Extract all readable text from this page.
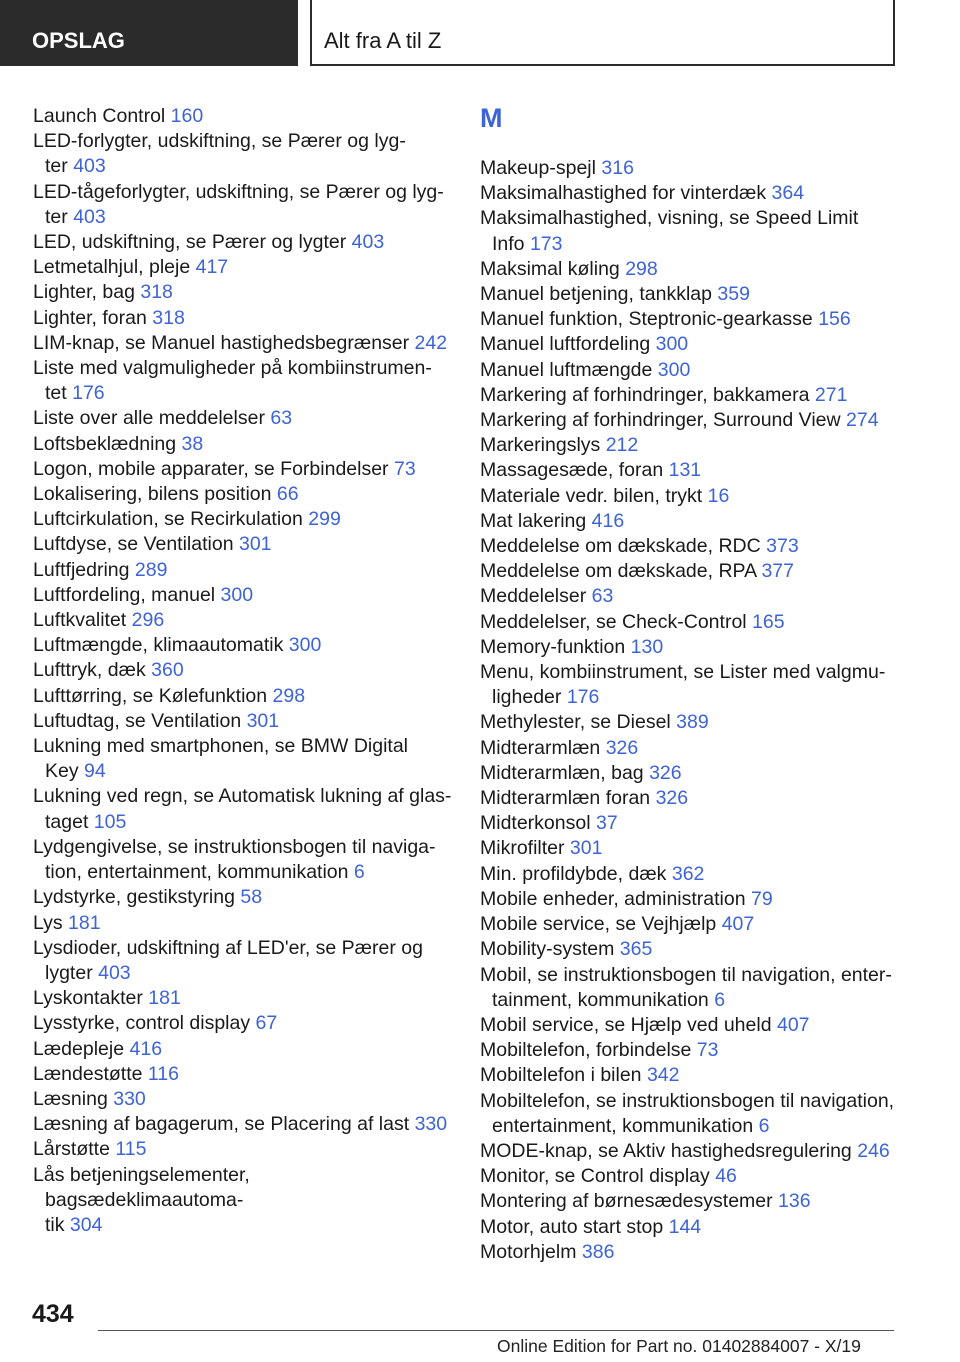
OPSLAG	Alt fra A til Z
Launch Control 160
LED-forlygter, udskiftning, se Pærer og lyg‐
ter 403
LED-tågeforlygter, udskiftning, se Pærer og lyg‐
ter 403
LED, udskiftning, se Pærer og lygter 403
Letmetalhjul, pleje 417
Lighter, bag 318
Lighter, foran 318
LIM-knap, se Manuel hastighedsbegrænser 242
Liste med valgmuligheder på kombiinstrumen‐
tet 176
Liste over alle meddelelser 63
Loftsbeklædning 38
Logon, mobile apparater, se Forbindelser 73
Lokalisering, bilens position 66
Luftcirkulation, se Recirkulation 299
Luftdyse, se Ventilation 301
Luftfjedring 289
Luftfordeling, manuel 300
Luftkvalitet 296
Luftmængde, klimaautomatik 300
Lufttryk, dæk 360
Lufttørring, se Kølefunktion 298
Luftudtag, se Ventilation 301
Lukning med smartphonen, se BMW Digital
Key 94
Lukning ved regn, se Automatisk lukning af glas‐
taget 105
Lydgengivelse, se instruktionsbogen til naviga‐
tion, entertainment, kommunikation 6
Lydstyrke, gestikstyring 58
Lys 181
Lysdioder, udskiftning af LED'er, se Pærer og
lygter 403
Lyskontakter 181
Lysstyrke, control display 67
Lædepleje 416
Lændestøtte 116
Læsning 330
Læsning af bagagerum, se Placering af last 330
Lårstøtte 115
Lås betjeningselementer, bagsædeklimaautoma‐
tik 304
M
Makeup-spejl 316
Maksimalhastighed for vinterdæk 364
Maksimalhastighed, visning, se Speed Limit
Info 173
Maksimal køling 298
Manuel betjening, tankklap 359
Manuel funktion, Steptronic-gearkasse 156
Manuel luftfordeling 300
Manuel luftmængde 300
Markering af forhindringer, bakkamera 271
Markering af forhindringer, Surround View 274
Markeringslys 212
Massagesæde, foran 131
Materiale vedr. bilen, trykt 16
Mat lakering 416
Meddelelse om dækskade, RDC 373
Meddelelse om dækskade, RPA 377
Meddelelser 63
Meddelelser, se Check-Control 165
Memory-funktion 130
Menu, kombiinstrument, se Lister med valgmu‐
ligheder 176
Methylester, se Diesel 389
Midterarmlæn 326
Midterarmlæn, bag 326
Midterarmlæn foran 326
Midterkonsol 37
Mikrofilter 301
Min. profildybde, dæk 362
Mobile enheder, administration 79
Mobile service, se Vejhjælp 407
Mobility-system 365
Mobil, se instruktionsbogen til navigation, enter‐
tainment, kommunikation 6
Mobil service, se Hjælp ved uheld 407
Mobiltelefon, forbindelse 73
Mobiltelefon i bilen 342
Mobiltelefon, se instruktionsbogen til navigation,
entertainment, kommunikation 6
MODE-knap, se Aktiv hastighedsregulering 246
Monitor, se Control display 46
Montering af børnesædesystemer 136
Motor, auto start stop 144
Motorhjelm 386
434
Online Edition for Part no. 01402884007 - X/19
